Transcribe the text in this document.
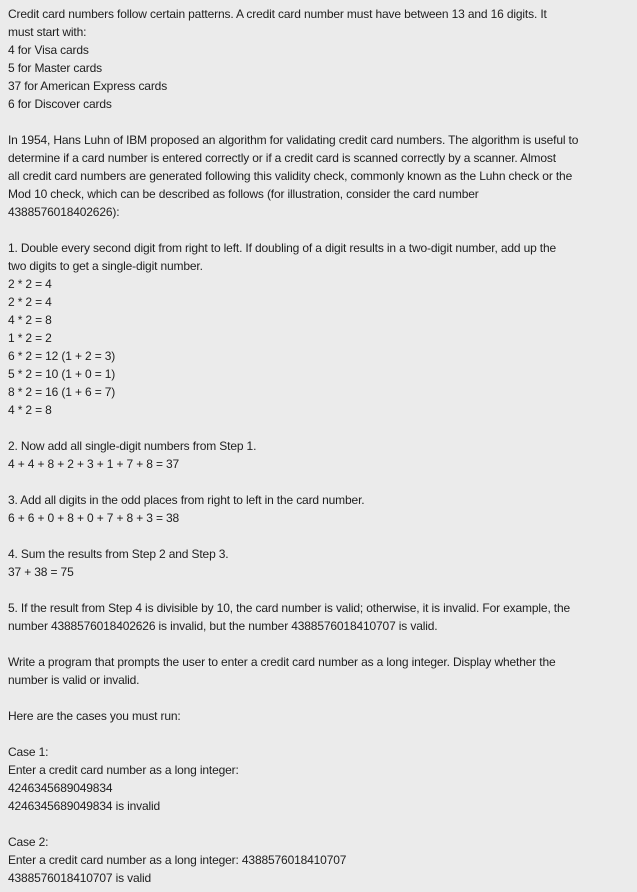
Credit card numbers follow certain patterns. A credit card number must have between 13 and 16 digits. It
must start with:
4 for Visa cards
5 for Master cards
37 for American Express cards
6 for Discover cards
In 1954, Hans Luhn of IBM proposed an algorithm for validating credit card numbers. The algorithm is useful to
determine if a card number is entered correctly or if a credit card is scanned correctly by a scanner. Almost
all credit card numbers are generated following this validity check, commonly known as the Luhn check or the
Mod 10 check, which can be described as follows (for illustration, consider the card number
4388576018402626):
1. Double every second digit from right to left. If doubling of a digit results in a two-digit number, add up the
two digits to get a single-digit number.
2 * 2 = 4
2 * 2 = 4
4 * 2 = 8
1 * 2 = 2
6 * 2 = 12 (1 + 2 = 3)
5 * 2 = 10 (1 + 0 = 1)
8 * 2 = 16 (1 + 6 = 7)
4 * 2 = 8
2. Now add all single-digit numbers from Step 1.
4 + 4 + 8 + 2 + 3 + 1 + 7 + 8 = 37
3. Add all digits in the odd places from right to left in the card number.
6 + 6 + 0 + 8 + 0 + 7 + 8 + 3 = 38
4. Sum the results from Step 2 and Step 3.
37 + 38 = 75
5. If the result from Step 4 is divisible by 10, the card number is valid; otherwise, it is invalid. For example, the
number 4388576018402626 is invalid, but the number 4388576018410707 is valid.
Write a program that prompts the user to enter a credit card number as a long integer. Display whether the
number is valid or invalid.
Here are the cases you must run:
Case 1:
Enter a credit card number as a long integer:
4246345689049834
4246345689049834 is invalid
Case 2:
Enter a credit card number as a long integer: 4388576018410707
4388576018410707 is valid
